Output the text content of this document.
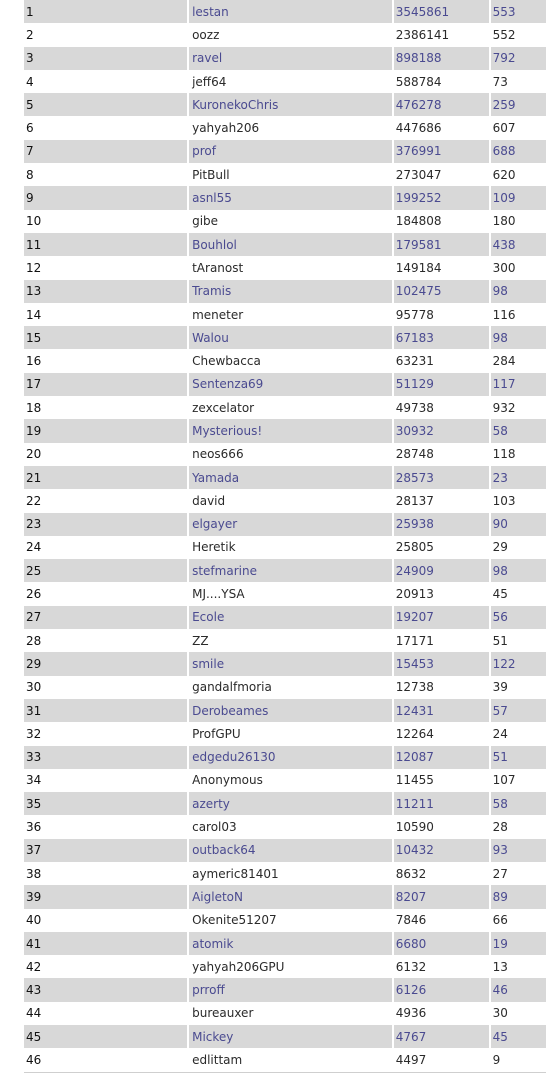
1	lestan	3545861	553
2	oozz	2386141	552
3	ravel	898188	792
4	jeff64	588784	73
5	KuronekoChris	476278	259
6	yahyah206	447686	607
7	prof	376991	688
8	PitBull	273047	620
9	asnl55	199252	109
10	gibe	184808	180
11	Bouhlol	179581	438
12	tAranost	149184	300
13	Tramis	102475	98
14	meneter	95778	116
15	Walou	67183	98
16	Chewbacca	63231	284
17	Sentenza69	51129	117
18	zexcelator	49738	932
19	Mysterious!	30932	58
20	neos666	28748	118
21	Yamada	28573	23
22	david	28137	103
23	elgayer	25938	90
24	Heretik	25805	29
25	stefmarine	24909	98
26	MJ....YSA	20913	45
27	Ecole	19207	56
28	ZZ	17171	51
29	smile	15453	122
30	gandalfmoria	12738	39
31	Derobeames	12431	57
32	ProfGPU	12264	24
33	edgedu26130	12087	51
34	Anonymous	11455	107
35	azerty	11211	58
36	carol03	10590	28
37	outback64	10432	93
38	aymeric81401	8632	27
39	AigletoN	8207	89
40	Okenite51207	7846	66
41	atomik	6680	19
42	yahyah206GPU	6132	13
43	prroff	6126	46
44	bureauxer	4936	30
45	Mickey	4767	45
46	edlittam	4497	9
